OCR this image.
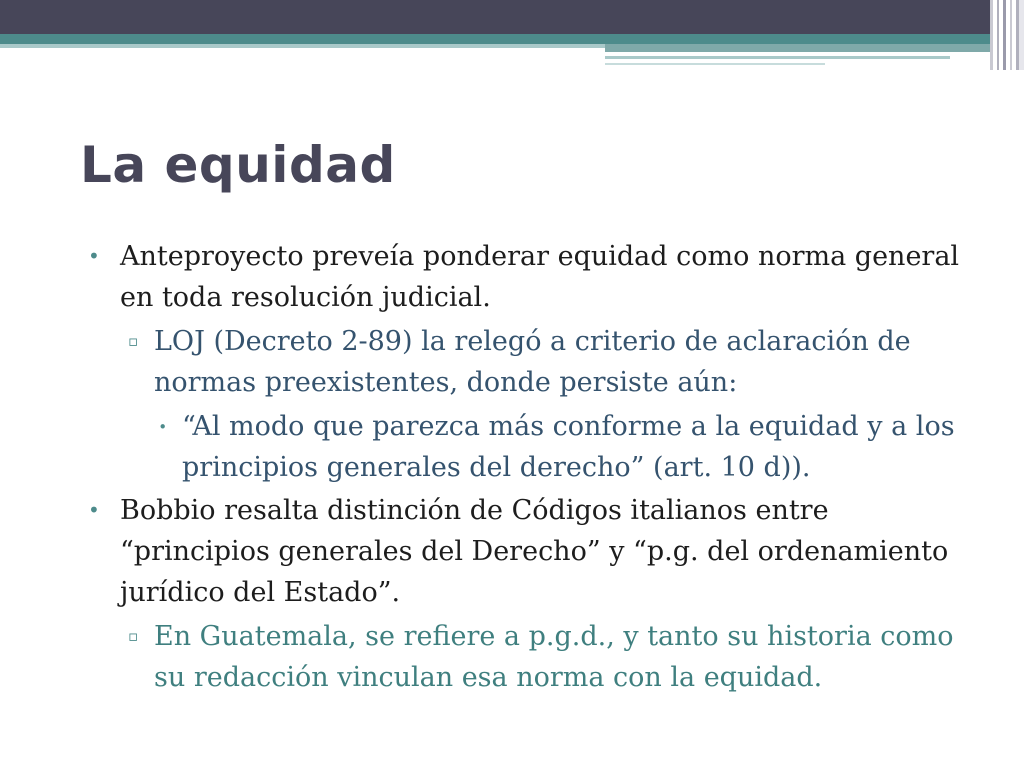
La equidad

• Anteproyecto preveía ponderar equidad como norma general en toda resolución judicial.

▫ LOJ (Decreto 2-89) la relegó a criterio de aclaración de normas preexistentes, donde persiste aún:

∙ “Al modo que parezca más conforme a la equidad y a los principios generales del derecho” (art. 10 d)).

• Bobbio resalta distinción de Códigos italianos entre “principios generales del Derecho” y “p.g. del ordenamiento jurídico del Estado”.

▫ En Guatemala, se refiere a p.g.d., y tanto su historia como su redacción vinculan esa norma con la equidad.
